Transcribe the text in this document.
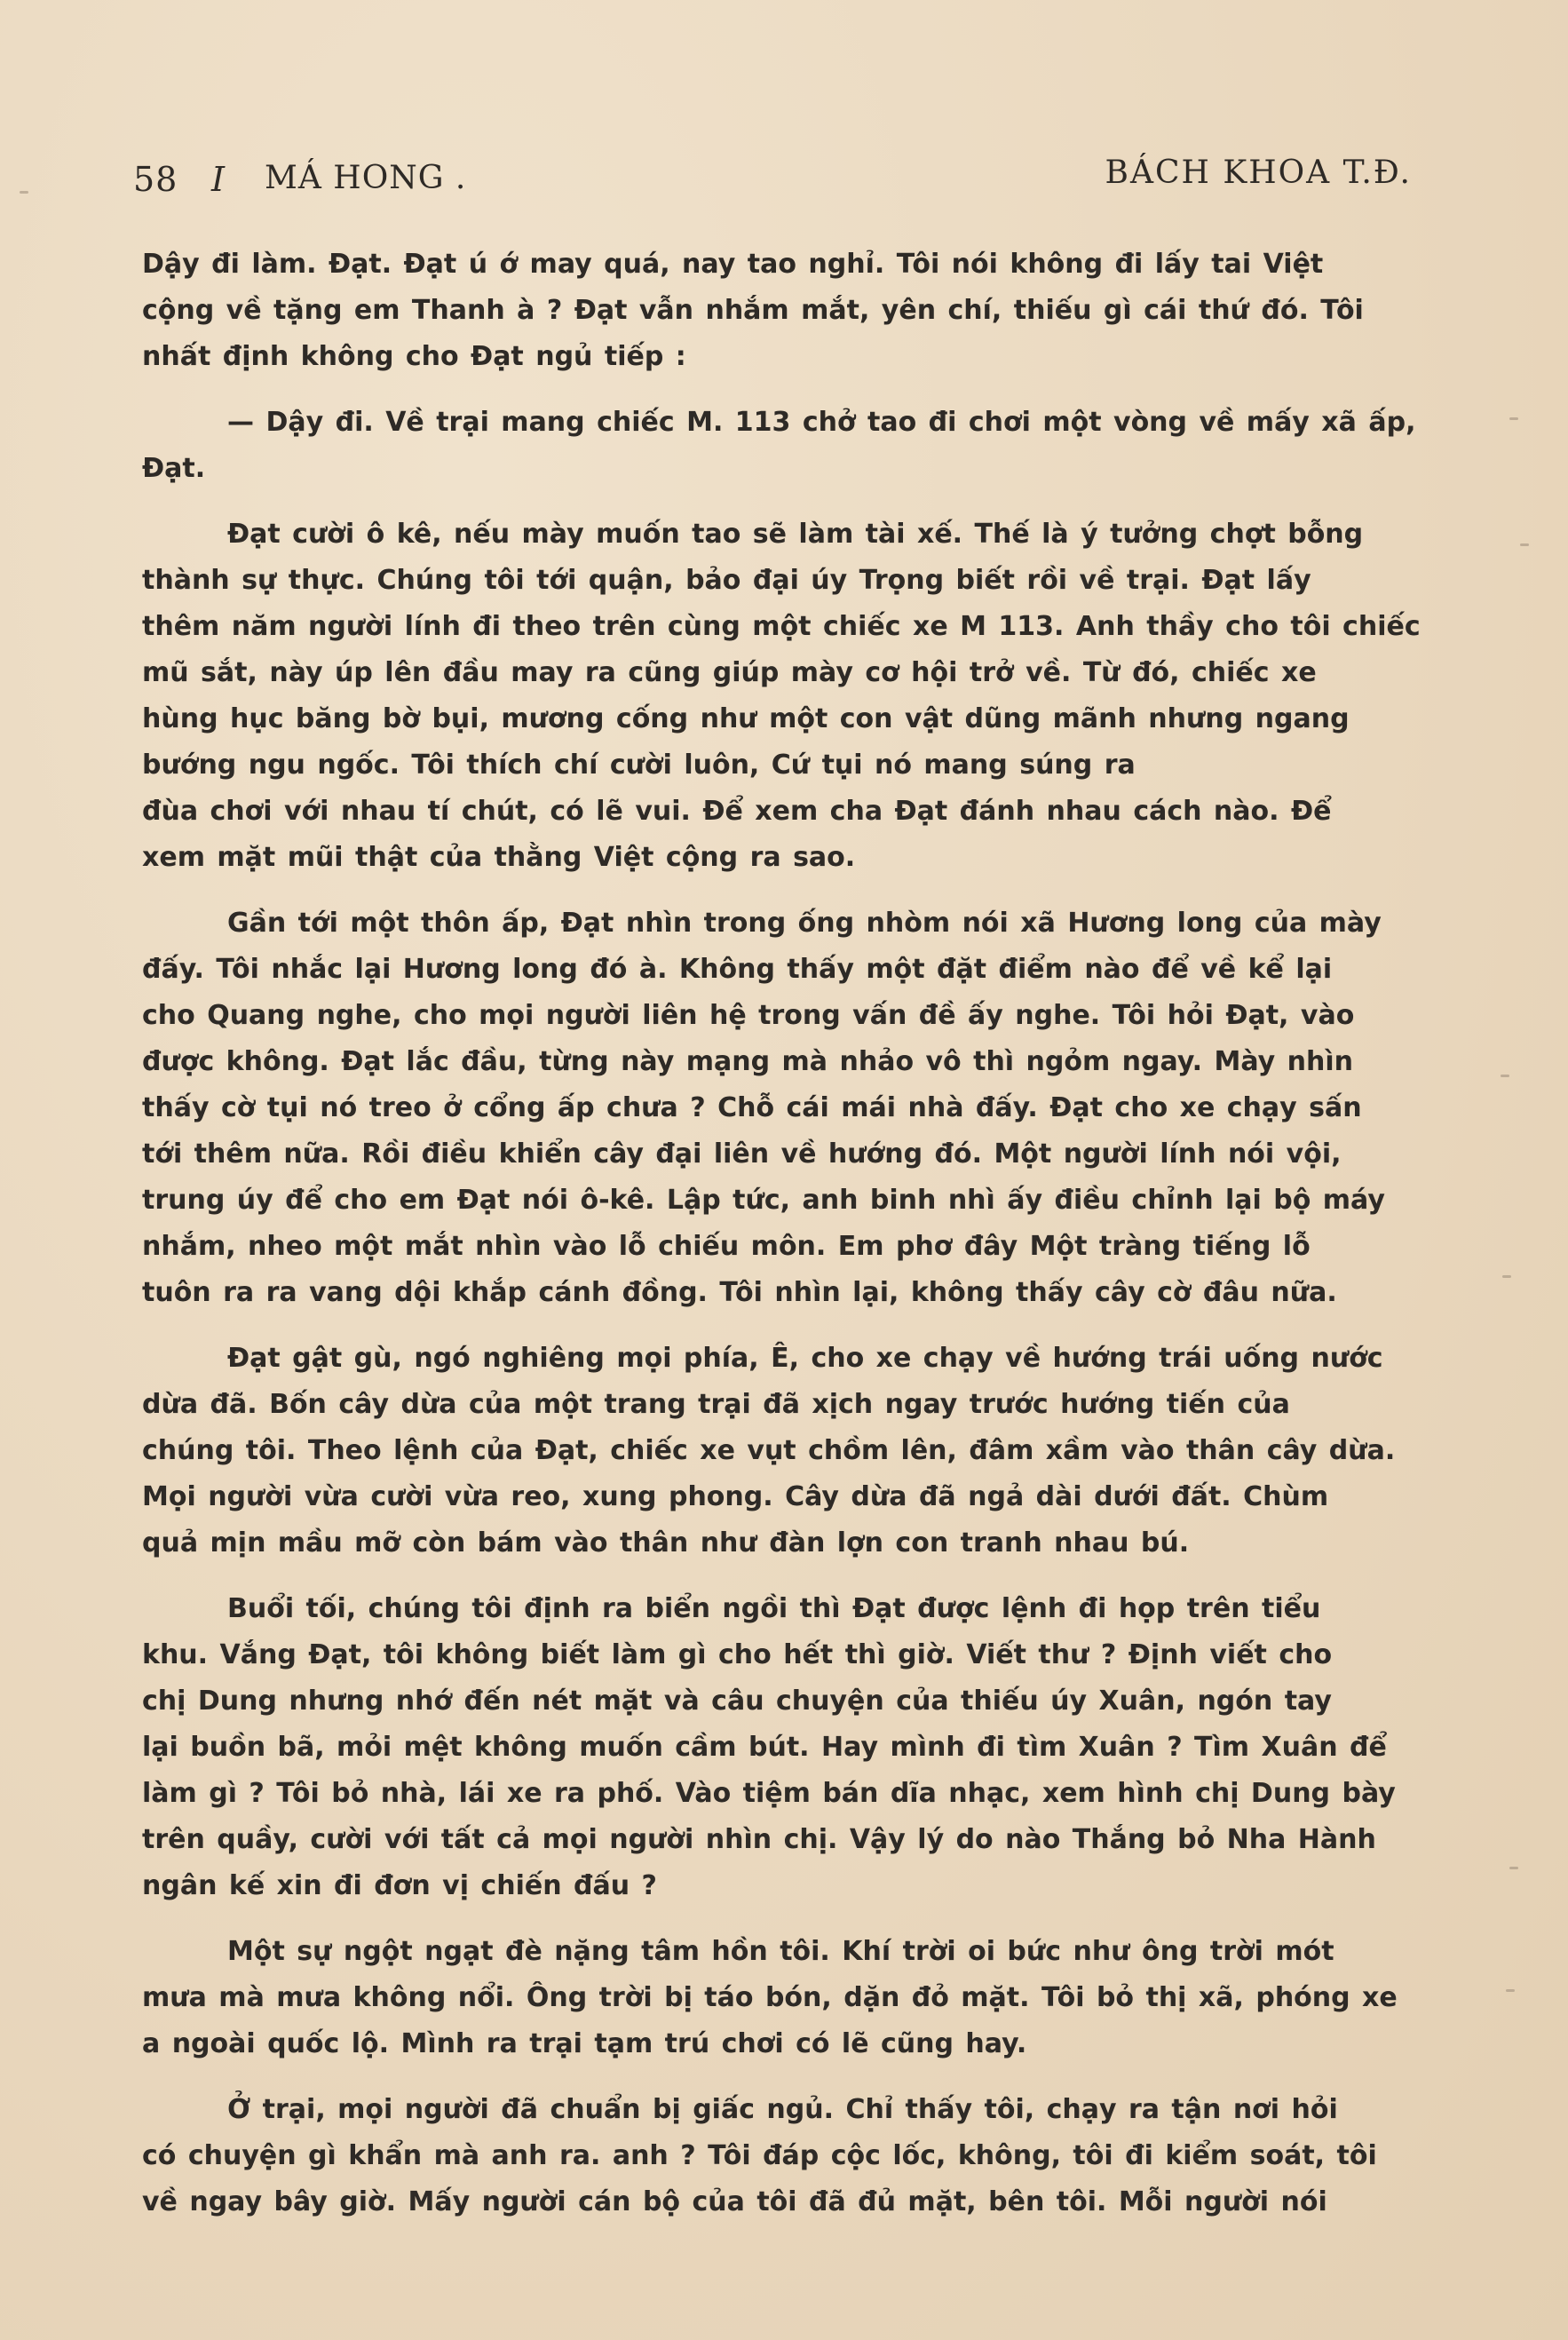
58 I MÁ HONG .	BÁCH KHOA T.Đ.
Dậy đi làm. Đạt. Đạt ú ớ may quá, nay tao nghỉ. Tôi nói không đi lấy tai Việt
cộng về tặng em Thanh à ? Đạt vẫn nhắm mắt, yên chí, thiếu gì cái thứ đó. Tôi
nhất định không cho Đạt ngủ tiếp :
— Dậy đi. Về trại mang chiếc M. 113 chở tao đi chơi một vòng về mấy xã ấp,
Đạt.
Đạt cười ô kê, nếu mày muốn tao sẽ làm tài xế. Thế là ý tưởng chợt bỗng
thành sự thực. Chúng tôi tới quận, bảo đại úy Trọng biết rồi về trại. Đạt lấy
thêm năm người lính đi theo trên cùng một chiếc xe M 113. Anh thầy cho tôi chiếc
mũ sắt, này úp lên đầu may ra cũng giúp mày cơ hội trở về. Từ đó, chiếc xe
hùng hục băng bờ bụi, mương cống như một con vật dũng mãnh nhưng ngang
bướng ngu ngốc. Tôi thích chí cười luôn, Cứ tụi nó mang súng ra
đùa chơi với nhau tí chút, có lẽ vui. Để xem cha Đạt đánh nhau cách nào. Để
xem mặt mũi thật của thằng Việt cộng ra sao.
Gần tới một thôn ấp, Đạt nhìn trong ống nhòm nói xã Hương long của mày
đấy. Tôi nhắc lại Hương long đó à. Không thấy một đặt điểm nào để về kể lại
cho Quang nghe, cho mọi người liên hệ trong vấn đề ấy nghe. Tôi hỏi Đạt, vào
được không. Đạt lắc đầu, từng này mạng mà nhảo vô thì ngỏm ngay. Mày nhìn
thấy cờ tụi nó treo ở cổng ấp chưa ? Chỗ cái mái nhà đấy. Đạt cho xe chạy sấn
tới thêm nữa. Rồi điều khiển cây đại liên về hướng đó. Một người lính nói vội,
trung úy để cho em Đạt nói ô-kê. Lập tức, anh binh nhì ấy điều chỉnh lại bộ máy
nhắm, nheo một mắt nhìn vào lỗ chiếu môn. Em phơ đây Một tràng tiếng lỗ
tuôn ra ra vang dội khắp cánh đồng. Tôi nhìn lại, không thấy cây cờ đâu nữa.
Đạt gật gù, ngó nghiêng mọi phía, Ê, cho xe chạy về hướng trái uống nước
dừa đã. Bốn cây dừa của một trang trại đã xịch ngay trước hướng tiến của
chúng tôi. Theo lệnh của Đạt, chiếc xe vụt chồm lên, đâm xầm vào thân cây dừa.
Mọi người vừa cười vừa reo, xung phong. Cây dừa đã ngả dài dưới đất. Chùm
quả mịn mầu mỡ còn bám vào thân như đàn lợn con tranh nhau bú.
Buổi tối, chúng tôi định ra biển ngồi thì Đạt được lệnh đi họp trên tiểu
khu. Vắng Đạt, tôi không biết làm gì cho hết thì giờ. Viết thư ? Định viết cho
chị Dung nhưng nhớ đến nét mặt và câu chuyện của thiếu úy Xuân, ngón tay
lại buồn bã, mỏi mệt không muốn cầm bút. Hay mình đi tìm Xuân ? Tìm Xuân để
làm gì ? Tôi bỏ nhà, lái xe ra phố. Vào tiệm bán dĩa nhạc, xem hình chị Dung bày
trên quầy, cười với tất cả mọi người nhìn chị. Vậy lý do nào Thắng bỏ Nha Hành
ngân kế xin đi đơn vị chiến đấu ?
Một sự ngột ngạt đè nặng tâm hồn tôi. Khí trời oi bức như ông trời mót
mưa mà mưa không nổi. Ông trời bị táo bón, dặn đỏ mặt. Tôi bỏ thị xã, phóng xe
a ngoài quốc lộ. Mình ra trại tạm trú chơi có lẽ cũng hay.
Ở trại, mọi người đã chuẩn bị giấc ngủ. Chỉ thấy tôi, chạy ra tận nơi hỏi
có chuyện gì khẩn mà anh ra. anh ? Tôi đáp cộc lốc, không, tôi đi kiểm soát, tôi
về ngay bây giờ. Mấy người cán bộ của tôi đã đủ mặt, bên tôi. Mỗi người nói
